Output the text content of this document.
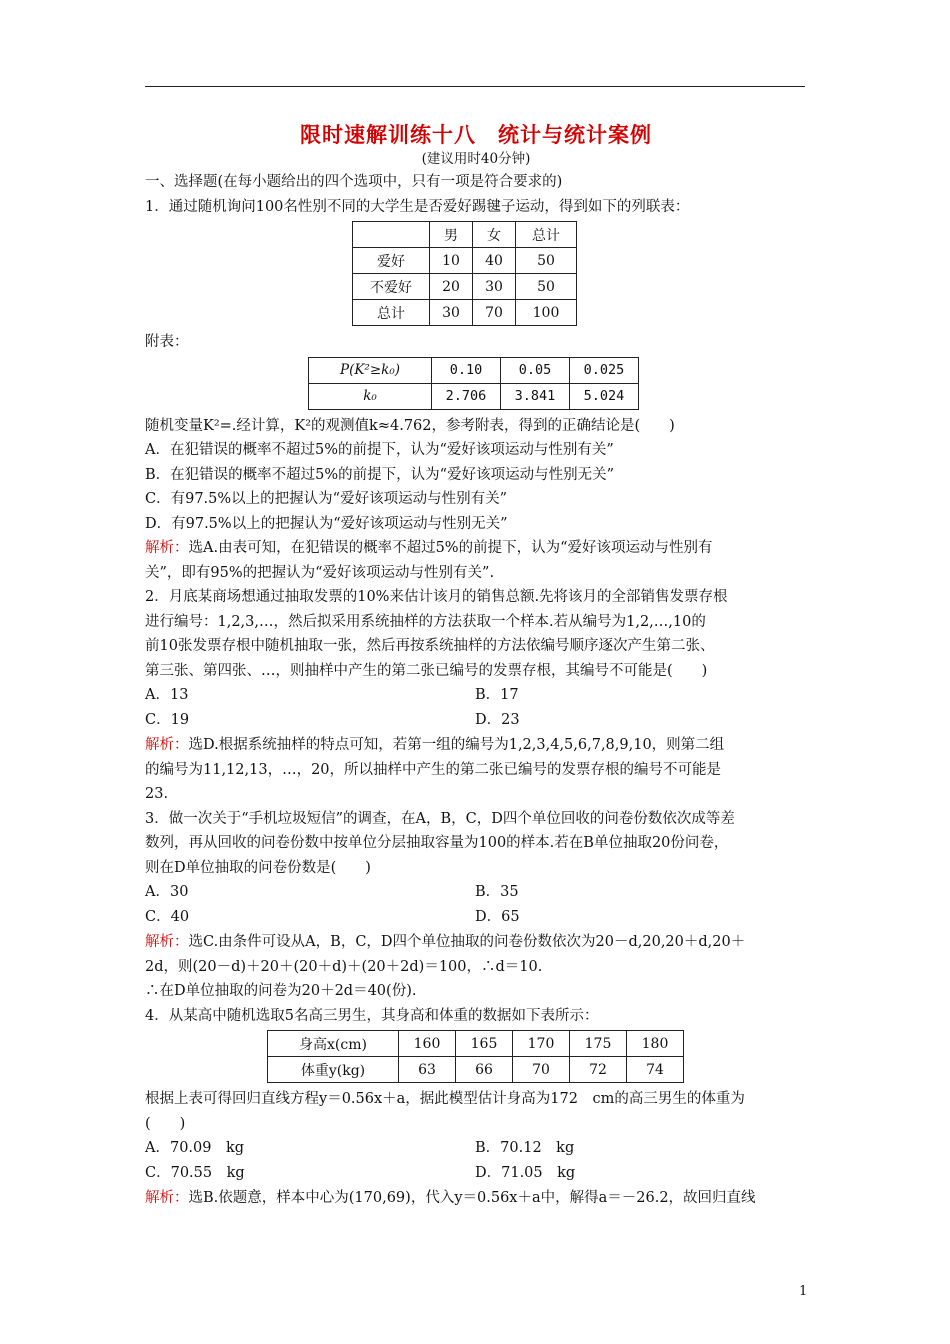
限时速解训练十八　统计与统计案例
(建议用时40分钟)
一、选择题(在每小题给出的四个选项中，只有一项是符合要求的)
1．通过随机询问100名性别不同的大学生是否爱好踢毽子运动，得到如下的列联表：
	男	女	总计
爱好	10	40	50
不爱好	20	30	50
总计	30	70	100
附表：
P(K²≥k₀)	0.10	0.05	0.025
k₀	2.706	3.841	5.024
随机变量K²=.经计算，K²的观测值k≈4.762，参考附表，得到的正确结论是(　　)
A．在犯错误的概率不超过5%的前提下，认为“爱好该项运动与性别有关”
B．在犯错误的概率不超过5%的前提下，认为“爱好该项运动与性别无关”
C．有97.5%以上的把握认为“爱好该项运动与性别有关”
D．有97.5%以上的把握认为“爱好该项运动与性别无关”
解析：选A.由表可知，在犯错误的概率不超过5%的前提下，认为“爱好该项运动与性别有
关”，即有95%的把握认为“爱好该项运动与性别有关”.
2．月底某商场想通过抽取发票的10%来估计该月的销售总额.先将该月的全部销售发票存根
进行编号：1,2,3,…，然后拟采用系统抽样的方法获取一个样本.若从编号为1,2,…,10的
前10张发票存根中随机抽取一张，然后再按系统抽样的方法依编号顺序逐次产生第二张、
第三张、第四张、…，则抽样中产生的第二张已编号的发票存根，其编号不可能是(　　)
A．13	B．17
C．19	D．23
解析：选D.根据系统抽样的特点可知，若第一组的编号为1,2,3,4,5,6,7,8,9,10，则第二组
的编号为11,12,13，…，20，所以抽样中产生的第二张已编号的发票存根的编号不可能是
23.
3．做一次关于“手机垃圾短信”的调查，在A，B，C，D四个单位回收的问卷份数依次成等差
数列，再从回收的问卷份数中按单位分层抽取容量为100的样本.若在B单位抽取20份问卷，
则在D单位抽取的问卷份数是(　　)
A．30	B．35
C．40	D．65
解析：选C.由条件可设从A，B，C，D四个单位抽取的问卷份数依次为20－d,20,20＋d,20＋
2d，则(20－d)＋20＋(20＋d)＋(20＋2d)＝100，∴d＝10.
∴在D单位抽取的问卷为20＋2d＝40(份).
4．从某高中随机选取5名高三男生，其身高和体重的数据如下表所示：
身高x(cm)	160	165	170	175	180
体重y(kg)	63	66	70	72	74
根据上表可得回归直线方程y＝0.56x＋a，据此模型估计身高为172　cm的高三男生的体重为
(　　)
A．70.09　kg	B．70.12　kg
C．70.55　kg	D．71.05　kg
解析：选B.依题意，样本中心为(170,69)，代入y＝0.56x＋a中，解得a＝－26.2，故回归直线
1
